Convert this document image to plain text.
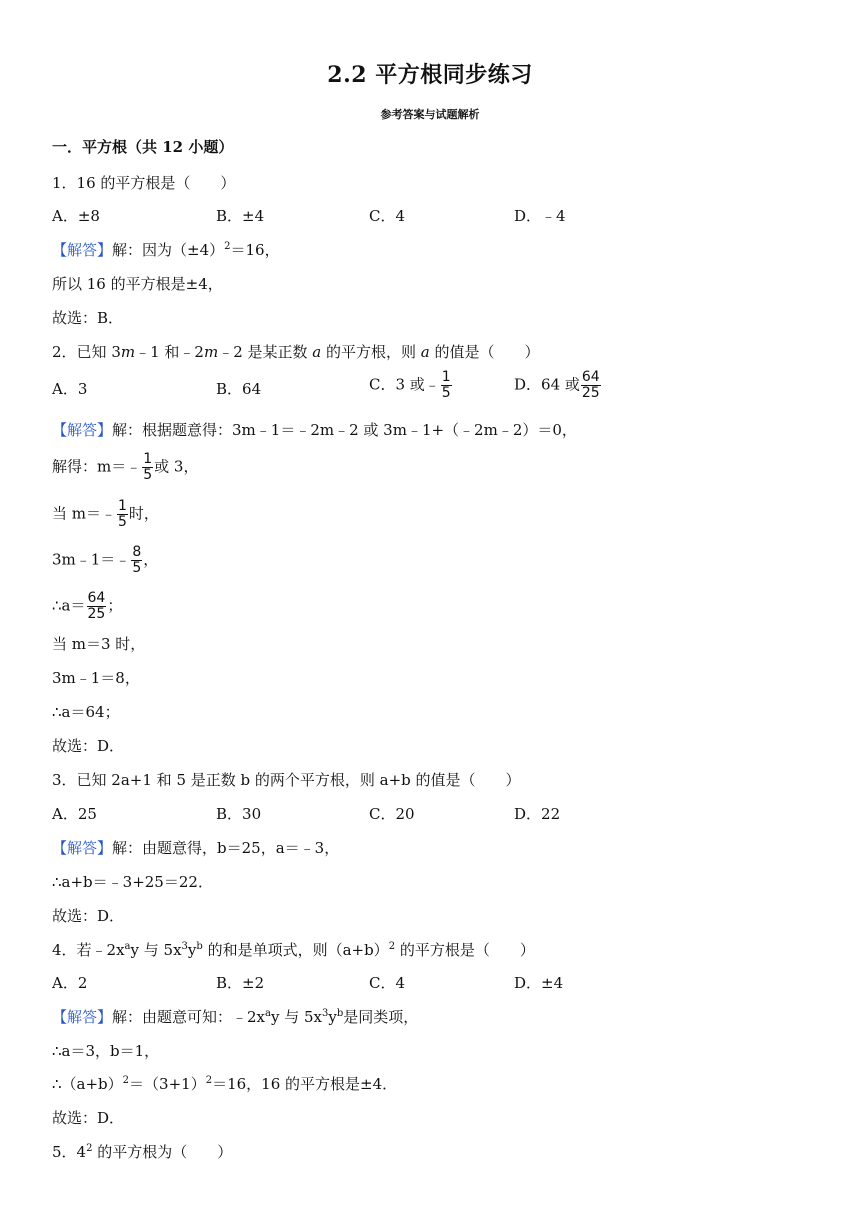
2.2 平方根同步练习
参考答案与试题解析
一．平方根（共 12 小题）
1．16 的平方根是（　　）
A．±8	B．±4	C．4	D．﹣4
【解答】解：因为$(\pm 4)^2=16$，
所以 16 的平方根是±4，
故选：B．
2．已知 3m﹣1 和﹣2m﹣2 是某正数 a 的平方根，则 a 的值是（　　）
A．3	B．64	C．3 或﹣ $\frac{1}{5}$	D．64 或 $\frac{64}{25}$
【解答】解：根据题意得：3m﹣1＝﹣2m﹣2 或 3m﹣1+（﹣2m﹣2）＝0，
解得：m＝﹣ $\frac{1}{5}$ 或 3，
当 m＝﹣ $\frac{1}{5}$ 时，
3m﹣1＝﹣ $\frac{8}{5}$ ，
∴a＝ $\frac{64}{25}$ ；
当 m＝3 时，
3m﹣1＝8，
∴a＝64；
故选：D．
3．已知 2a+1 和 5 是正数 b 的两个平方根，则 a+b 的值是（　　）
A．25	B．30	C．20	D．22
【解答】解：由题意得，b＝25，a＝﹣3，
∴a+b＝﹣3+25＝22．
故选：D．
4．若$﹣2x^ay$ 与 $5x^3y^b$ 的和是单项式，则$(a+b)^2$ 的平方根是（　　）
A．2	B．±2	C．4	D．±4
【解答】解：由题意可知：$﹣2x^ay$ 与 $5x^3y^b$是同类项，
∴a＝3，b＝1，
$\therefore(a+b)^2=(3+1)^2=16$，16 的平方根是±4．
故选：D．
5．$4^2$ 的平方根为（　　）
